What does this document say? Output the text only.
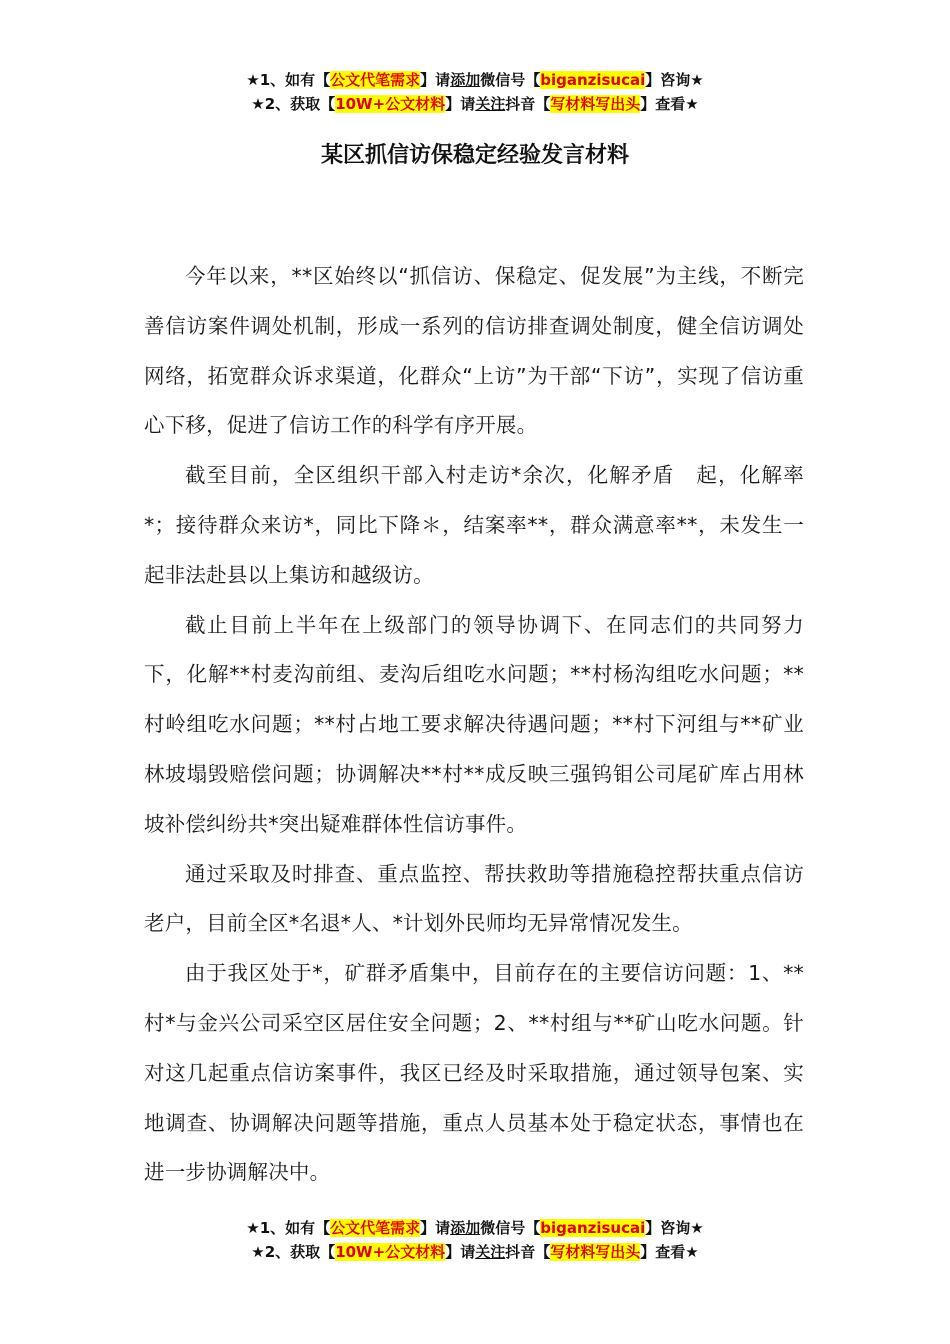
★1、如有【公文代笔需求】请添加微信号【biganzisucai】咨询★
★2、获取【10W+公文材料】请关注抖音【写材料写出头】查看★
某区抓信访保稳定经验发言材料

今年以来，**区始终以“抓信访、保稳定、促发展”为主线，不断完善信访案件调处机制，形成一系列的信访排查调处制度，健全信访调处网络，拓宽群众诉求渠道，化群众“上访”为干部“下访”，实现了信访重心下移，促进了信访工作的科学有序开展。

截至目前，全区组织干部入村走访*余次，化解矛盾　起，化解率*；接待群众来访*，同比下降＊，结案率**，群众满意率**，未发生一起非法赴县以上集访和越级访。

截止目前上半年在上级部门的领导协调下、在同志们的共同努力下，化解**村麦沟前组、麦沟后组吃水问题；**村杨沟组吃水问题；**村岭组吃水问题；**村占地工要求解决待遇问题；**村下河组与**矿业林坡塌毁赔偿问题；协调解决**村**成反映三强钨钼公司尾矿库占用林坡补偿纠纷共*突出疑难群体性信访事件。

通过采取及时排查、重点监控、帮扶救助等措施稳控帮扶重点信访老户，目前全区*名退*人、*计划外民师均无异常情况发生。

由于我区处于*，矿群矛盾集中，目前存在的主要信访问题：1、**村*与金兴公司采空区居住安全问题；2、**村组与**矿山吃水问题。针对这几起重点信访案事件，我区已经及时采取措施，通过领导包案、实地调查、协调解决问题等措施，重点人员基本处于稳定状态，事情也在进一步协调解决中。

★1、如有【公文代笔需求】请添加微信号【biganzisucai】咨询★
★2、获取【10W+公文材料】请关注抖音【写材料写出头】查看★
